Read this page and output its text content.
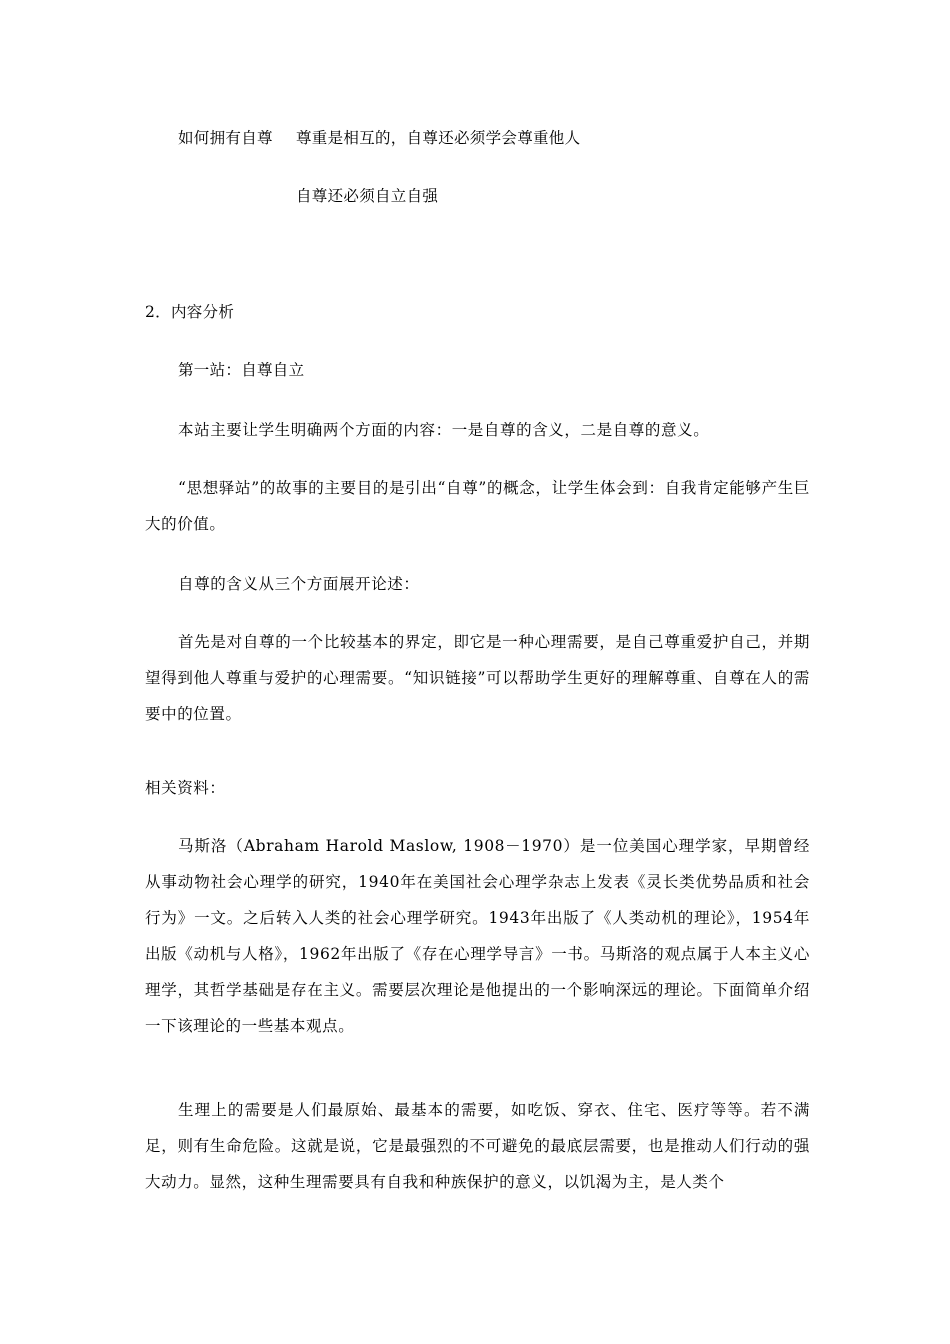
如何拥有自尊 尊重是相互的，自尊还必须学会尊重他人
自尊还必须自立自强
2．内容分析
第一站：自尊自立
本站主要让学生明确两个方面的内容：一是自尊的含义，二是自尊的意义。
“思想驿站”的故事的主要目的是引出“自尊”的概念，让学生体会到：自我肯定能够产生巨大的价值。
自尊的含义从三个方面展开论述：
首先是对自尊的一个比较基本的界定，即它是一种心理需要，是自己尊重爱护自己，并期望得到他人尊重与爱护的心理需要。“知识链接”可以帮助学生更好的理解尊重、自尊在人的需要中的位置。
相关资料：
马斯洛（Abraham Harold Maslow, 1908－1970）是一位美国心理学家，早期曾经从事动物社会心理学的研究，1940年在美国社会心理学杂志上发表《灵长类优势品质和社会行为》一文。之后转入人类的社会心理学研究。1943年出版了《人类动机的理论》，1954年出版《动机与人格》，1962年出版了《存在心理学导言》一书。马斯洛的观点属于人本主义心理学，其哲学基础是存在主义。需要层次理论是他提出的一个影响深远的理论。下面简单介绍一下该理论的一些基本观点。
生理上的需要是人们最原始、最基本的需要，如吃饭、穿衣、住宅、医疗等等。若不满足，则有生命危险。这就是说，它是最强烈的不可避免的最底层需要，也是推动人们行动的强大动力。显然，这种生理需要具有自我和种族保护的意义，以饥渴为主，是人类个
